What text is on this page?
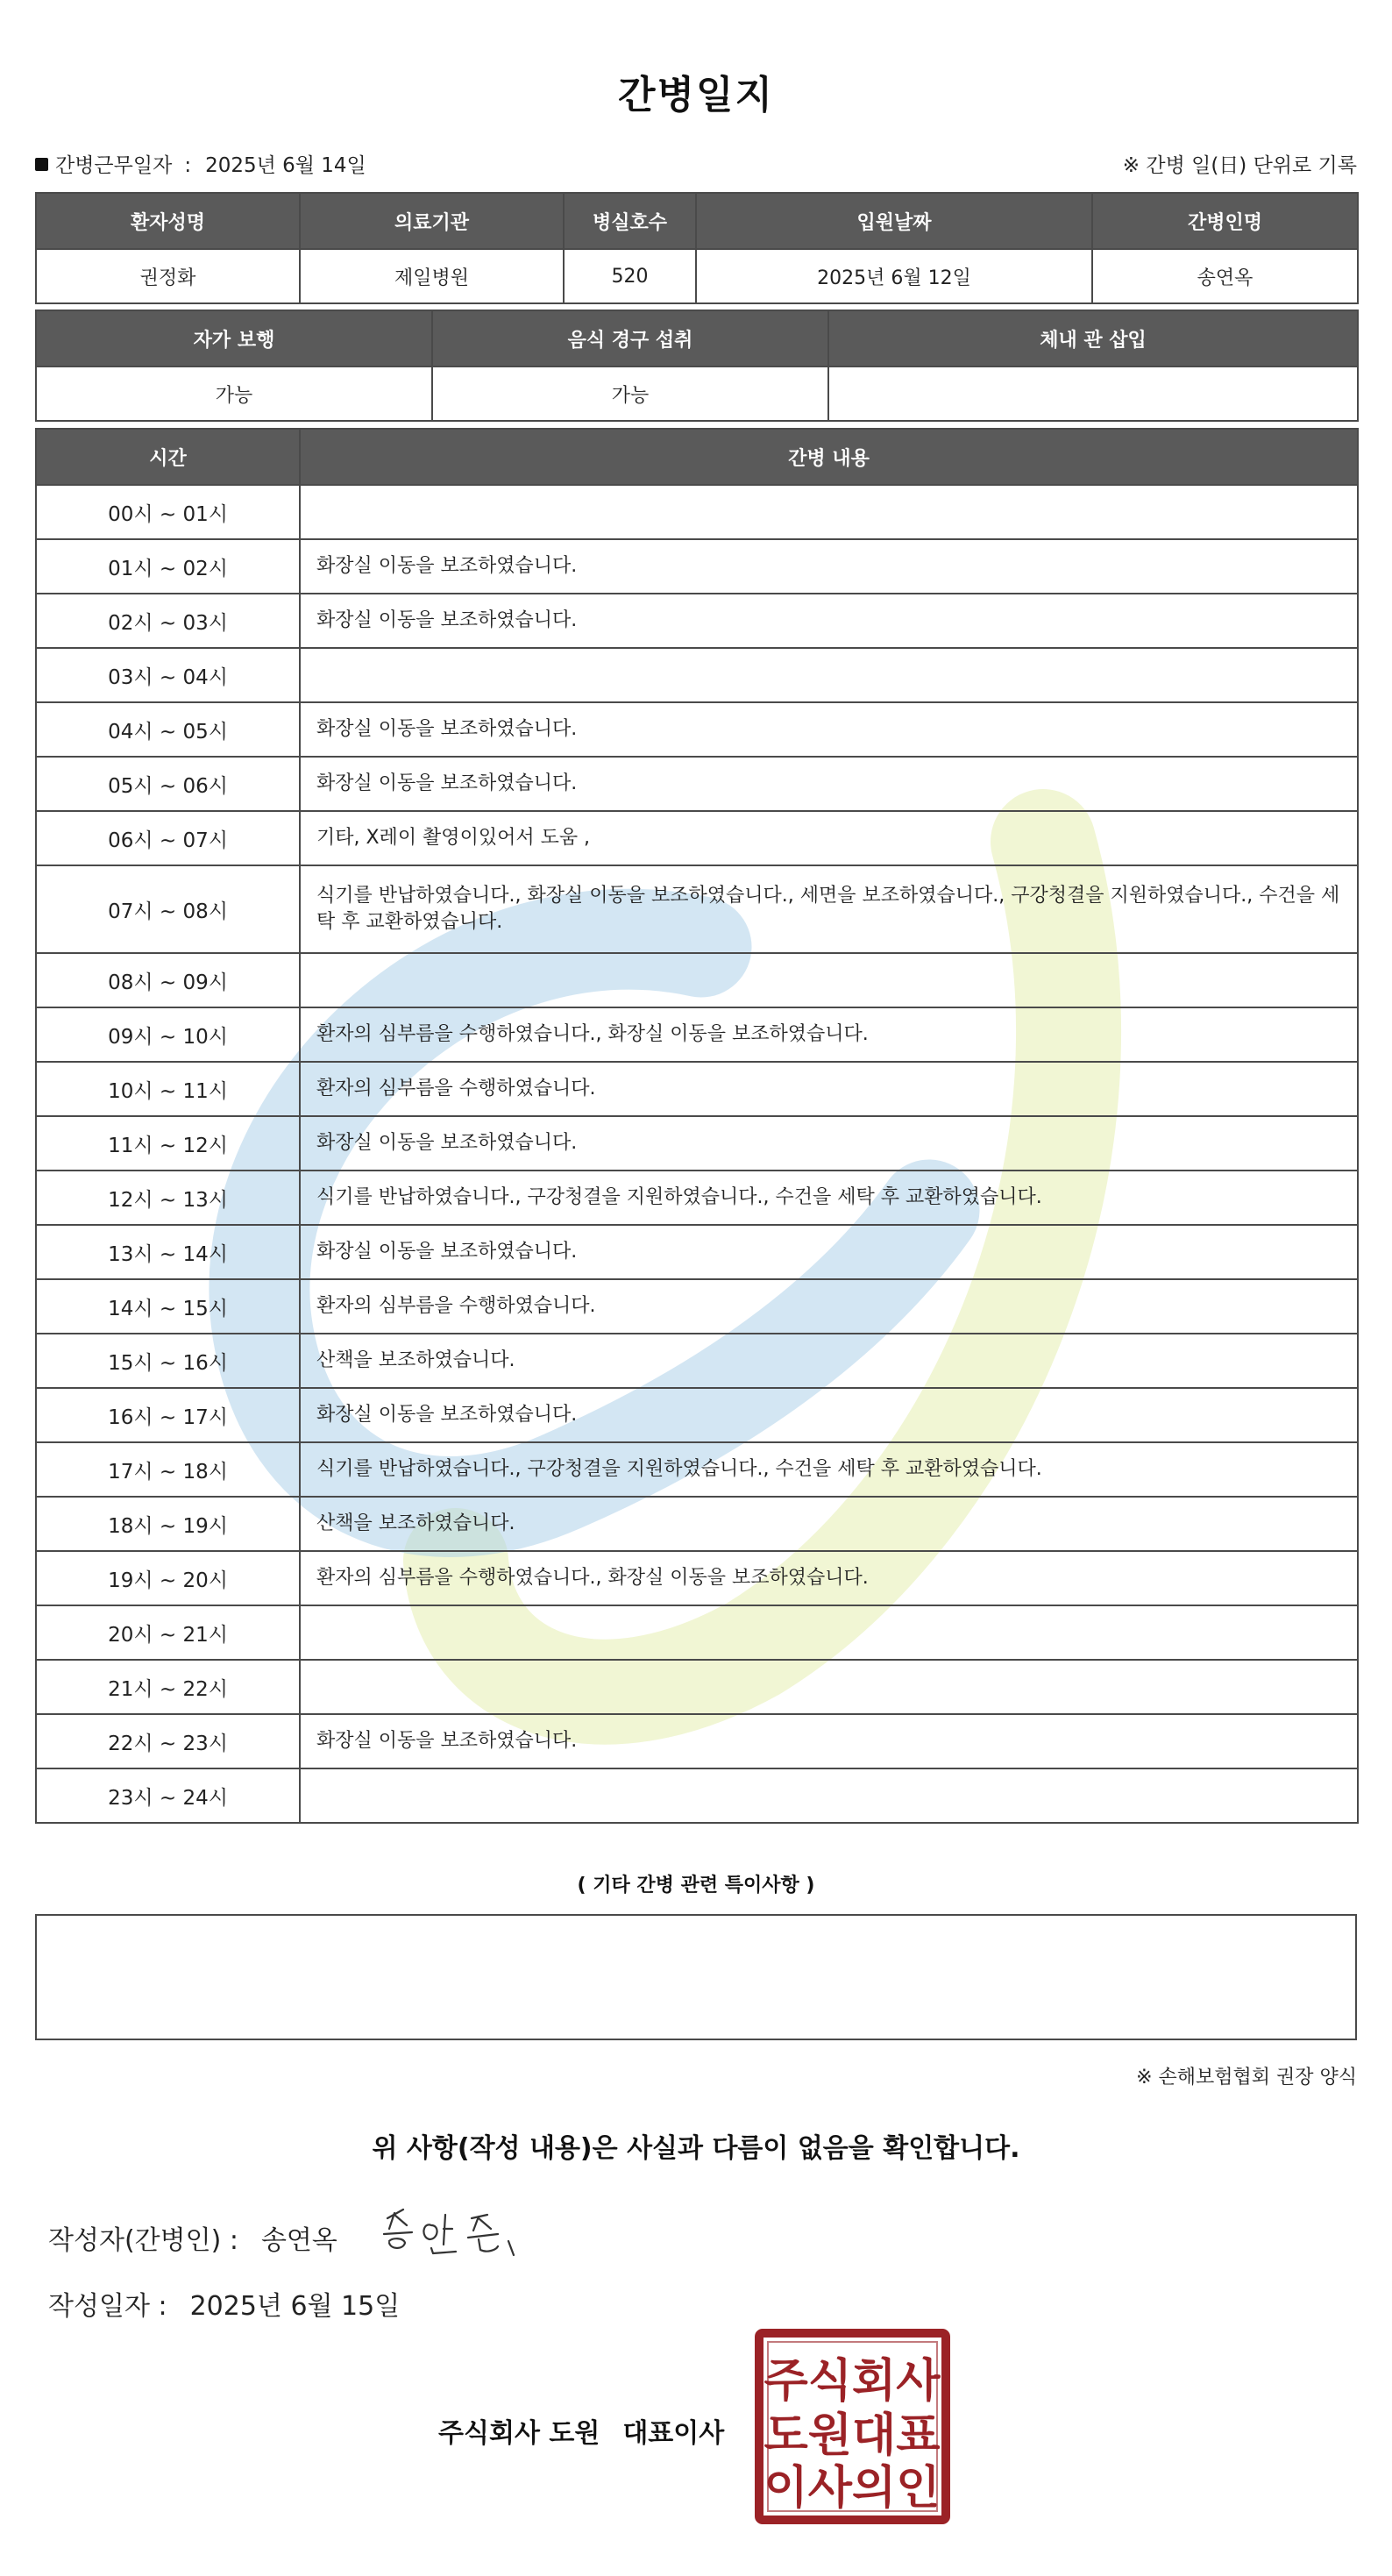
간병일지
간병근무일자 : 2025년 6월 14일	※ 간병 일(日) 단위로 기록
환자성명	의료기관	병실호수	입원날짜	간병인명
권정화	제일병원	520	2025년 6월 12일	송연옥
자가 보행	음식 경구 섭취	체내 관 삽입
가능	가능	
시간	간병 내용
00시 ~ 01시	
01시 ~ 02시	화장실 이동을 보조하였습니다.
02시 ~ 03시	화장실 이동을 보조하였습니다.
03시 ~ 04시	
04시 ~ 05시	화장실 이동을 보조하였습니다.
05시 ~ 06시	화장실 이동을 보조하였습니다.
06시 ~ 07시	기타, X레이 촬영이있어서 도움 ,
07시 ~ 08시	식기를 반납하였습니다., 화장실 이동을 보조하였습니다., 세면을 보조하였습니다., 구강청결을 지원하였습니다., 수건을 세탁 후 교환하였습니다.
08시 ~ 09시	
09시 ~ 10시	환자의 심부름을 수행하였습니다., 화장실 이동을 보조하였습니다.
10시 ~ 11시	환자의 심부름을 수행하였습니다.
11시 ~ 12시	화장실 이동을 보조하였습니다.
12시 ~ 13시	식기를 반납하였습니다., 구강청결을 지원하였습니다., 수건을 세탁 후 교환하였습니다.
13시 ~ 14시	화장실 이동을 보조하였습니다.
14시 ~ 15시	환자의 심부름을 수행하였습니다.
15시 ~ 16시	산책을 보조하였습니다.
16시 ~ 17시	화장실 이동을 보조하였습니다.
17시 ~ 18시	식기를 반납하였습니다., 구강청결을 지원하였습니다., 수건을 세탁 후 교환하였습니다.
18시 ~ 19시	산책을 보조하였습니다.
19시 ~ 20시	환자의 심부름을 수행하였습니다., 화장실 이동을 보조하였습니다.
20시 ~ 21시	
21시 ~ 22시	
22시 ~ 23시	화장실 이동을 보조하였습니다.
23시 ~ 24시	
( 기타 간병 관련 특이사항 )
※ 손해보험협회 권장 양식
위 사항(작성 내용)은 사실과 다름이 없음을 확인합니다.
작성자(간병인) : 송연옥
작성일자 : 2025년 6월 15일
주식회사 도원 대표이사
주식회사
도원대표
이사의인
